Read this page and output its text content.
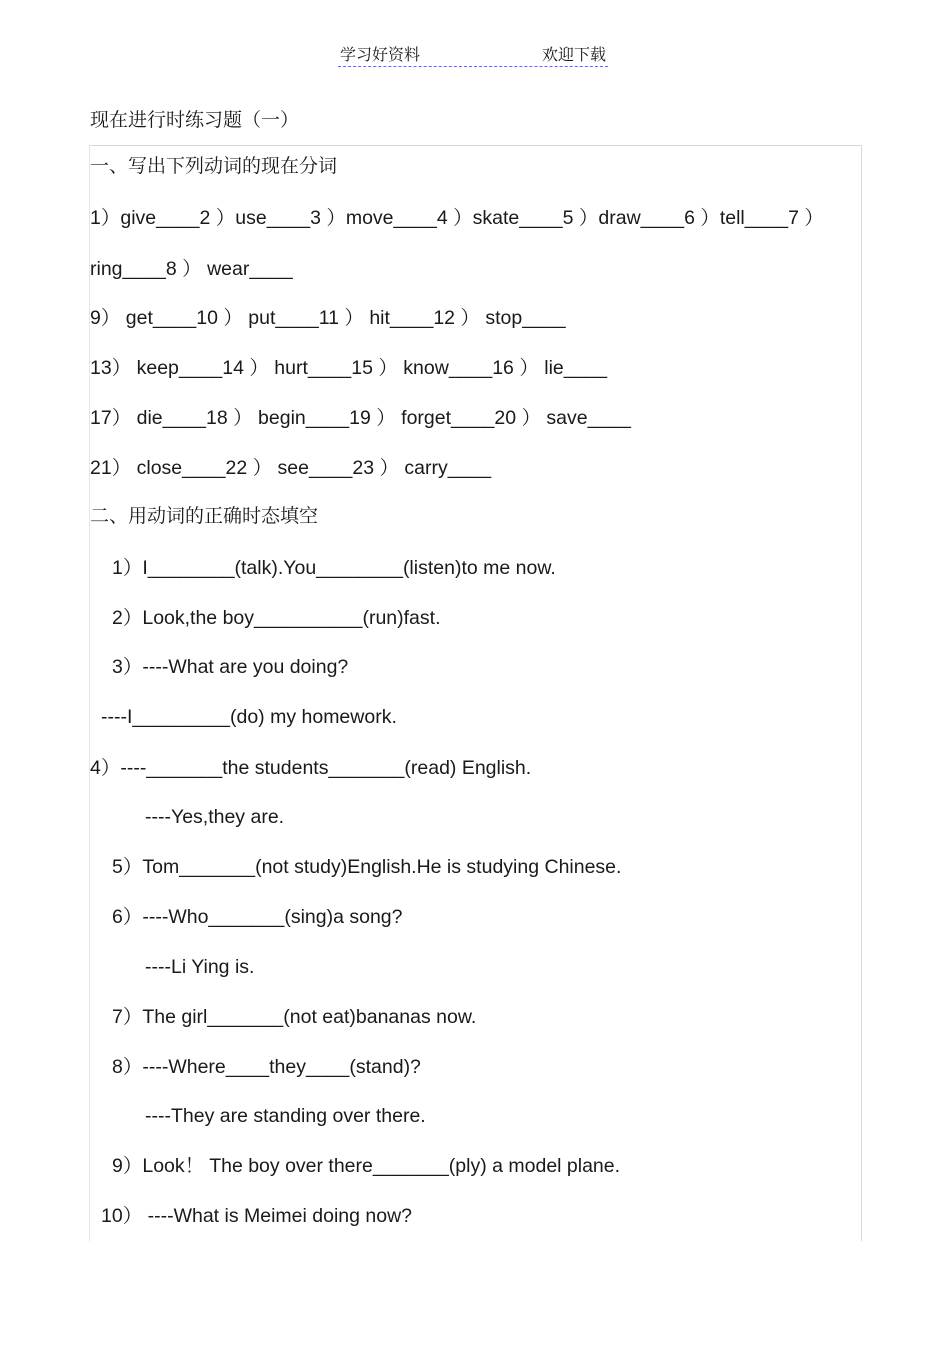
学习好资料	欢迎下载
现在进行时练习题（一）
一、写出下列动词的现在分词
1）give____2 ）use____3 ）move____4 ）skate____5 ）draw____6 ）tell____7 ）
ring____8 ） wear____
9） get____10 ） put____11 ） hit____12 ） stop____
13） keep____14 ） hurt____15 ） know____16 ） lie____
17） die____18 ） begin____19 ） forget____20 ） save____
21） close____22 ） see____23 ） carry____
二、用动词的正确时态填空
1）I________(talk).You________(listen)to me now.
2）Look,the boy__________(run)fast.
3）----What are you doing?
----I_________(do) my homework.
4）----_______the students_______(read) English.
----Yes,they are.
5）Tom_______(not study)English.He is studying Chinese.
6）----Who_______(sing)a song?
----Li Ying is.
7）The girl_______(not eat)bananas now.
8）----Where____they____(stand)?
----They are standing over there.
9）Look！ The boy over there_______(ply) a model plane.
10） ----What is Meimei doing now?
